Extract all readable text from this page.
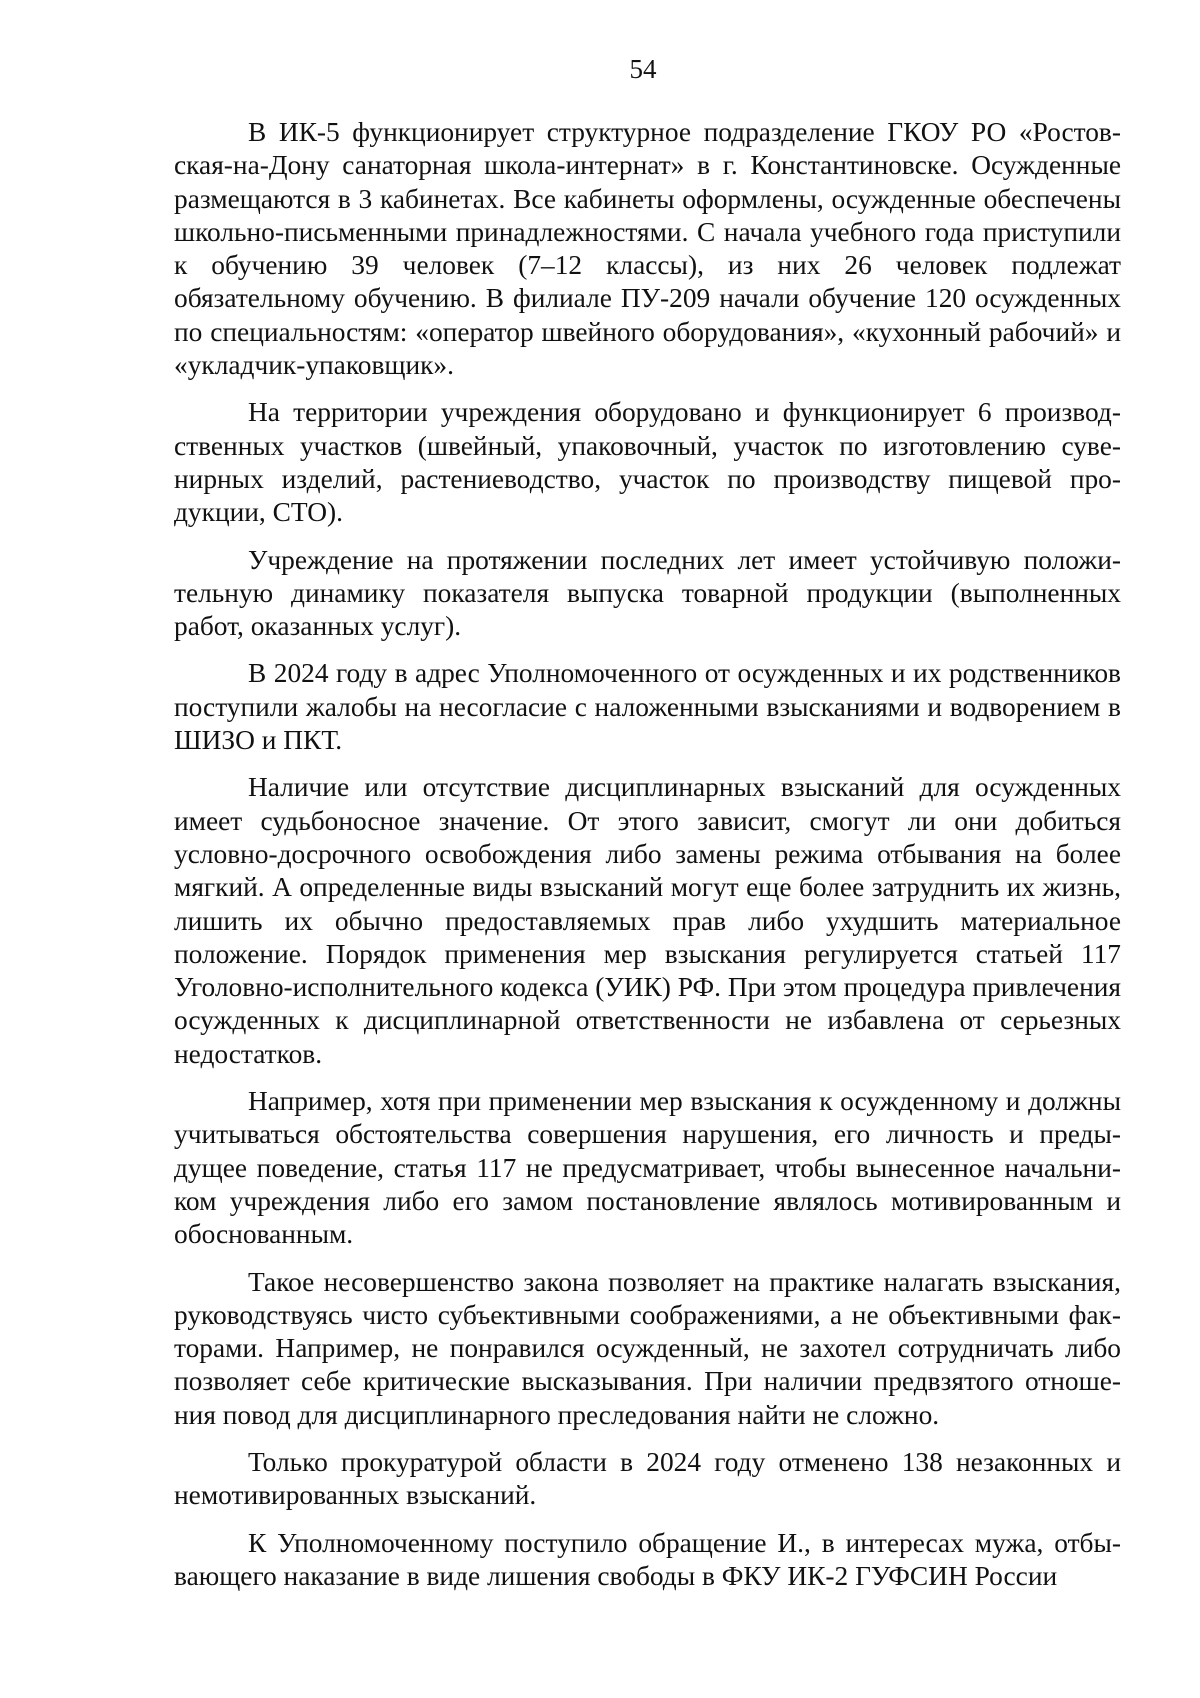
54

В ИК-5 функционирует структурное подразделение ГКОУ РО «Ростовская-на-Дону санаторная школа-интернат» в г. Константиновске. Осужденные размещаются в 3 кабинетах. Все кабинеты оформлены, осужденные обеспечены школьно-письменными принадлежностями. С начала учебного года приступили к обучению 39 человек (7–12 классы), из них 26 человек подлежат обязательному обучению. В филиале ПУ-209 начали обучение 120 осужденных по специальностям: «оператор швейного оборудования», «кухонный рабочий» и «укладчик-упаковщик».

На территории учреждения оборудовано и функционирует 6 производственных участков (швейный, упаковочный, участок по изготовлению сувенирных изделий, растениеводство, участок по производству пищевой продукции, СТО).

Учреждение на протяжении последних лет имеет устойчивую положительную динамику показателя выпуска товарной продукции (выполненных работ, оказанных услуг).

В 2024 году в адрес Уполномоченного от осужденных и их родственников поступили жалобы на несогласие с наложенными взысканиями и водворением в ШИЗО и ПКТ.

Наличие или отсутствие дисциплинарных взысканий для осужденных имеет судьбоносное значение. От этого зависит, смогут ли они добиться условно-досрочного освобождения либо замены режима отбывания на более мягкий. А определенные виды взысканий могут еще более затруднить их жизнь, лишить их обычно предоставляемых прав либо ухудшить материальное положение. Порядок применения мер взыскания регулируется статьей 117 Уголовно-исполнительного кодекса (УИК) РФ. При этом процедура привлечения осужденных к дисциплинарной ответственности не избавлена от серьезных недостатков.

Например, хотя при применении мер взыскания к осужденному и должны учитываться обстоятельства совершения нарушения, его личность и предыдущее поведение, статья 117 не предусматривает, чтобы вынесенное начальником учреждения либо его замом постановление являлось мотивированным и обоснованным.

Такое несовершенство закона позволяет на практике налагать взыскания, руководствуясь чисто субъективными соображениями, а не объективными факторами. Например, не понравился осужденный, не захотел сотрудничать либо позволяет себе критические высказывания. При наличии предвзятого отношения повод для дисциплинарного преследования найти не сложно.

Только прокуратурой области в 2024 году отменено 138 незаконных и немотивированных взысканий.

К Уполномоченному поступило обращение И., в интересах мужа, отбывающего наказание в виде лишения свободы в ФКУ ИК-2 ГУФСИН России
